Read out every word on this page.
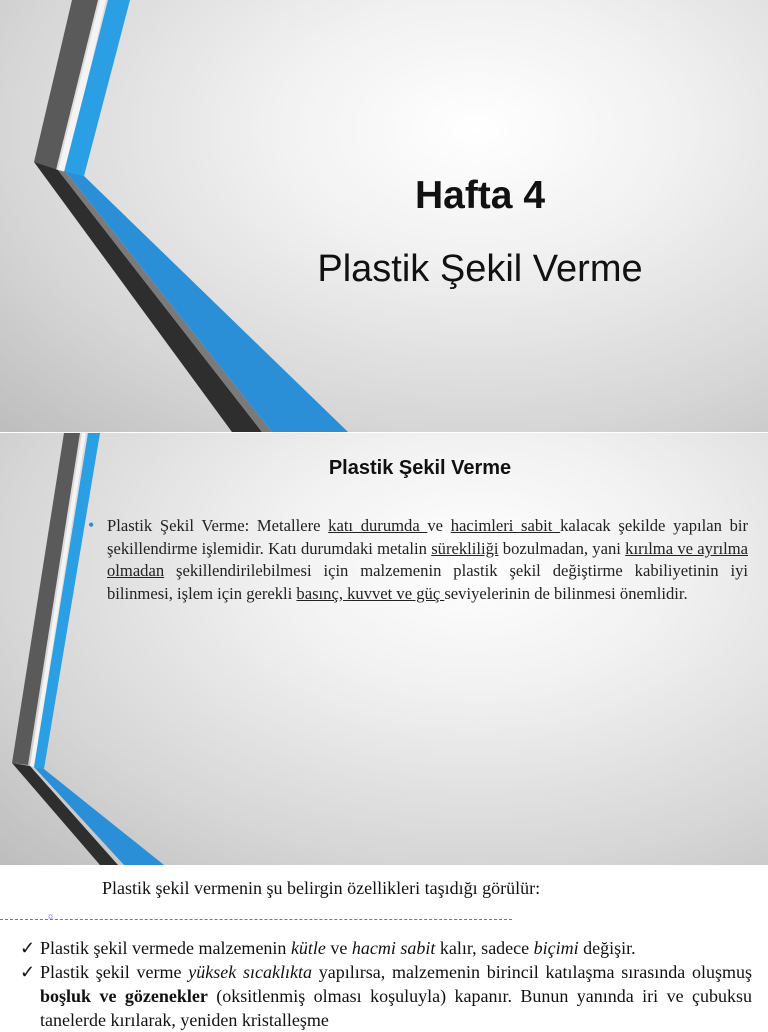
Hafta 4
Plastik Şekil Verme
Plastik Şekil Verme
• Plastik Şekil Verme: Metallere katı durumda ve hacimleri sabit kalacak şekilde yapılan bir şekillendirme işlemidir. Katı durumdaki metalin sürekliliği bozulmadan, yani kırılma ve ayrılma olmadan şekillendirilebilmesi için malzemenin plastik şekil değiştirme kabiliyetinin iyi bilinmesi, işlem için gerekli basınç, kuvvet ve güç seviyelerinin de bilinmesi önemlidir.
Plastik şekil vermenin şu belirgin özellikleri taşıdığı görülür:
¤
✓ Plastik şekil vermede malzemenin kütle ve hacmi sabit kalır, sadece biçimi değişir.
✓ Plastik şekil verme yüksek sıcaklıkta yapılırsa, malzemenin birincil katılaşma sırasında oluşmuş boşluk ve gözenekler (oksitlenmiş olması koşuluyla) kapanır. Bunun yanında iri ve çubuksu tanelerde kırılarak, yeniden kristalleşme
